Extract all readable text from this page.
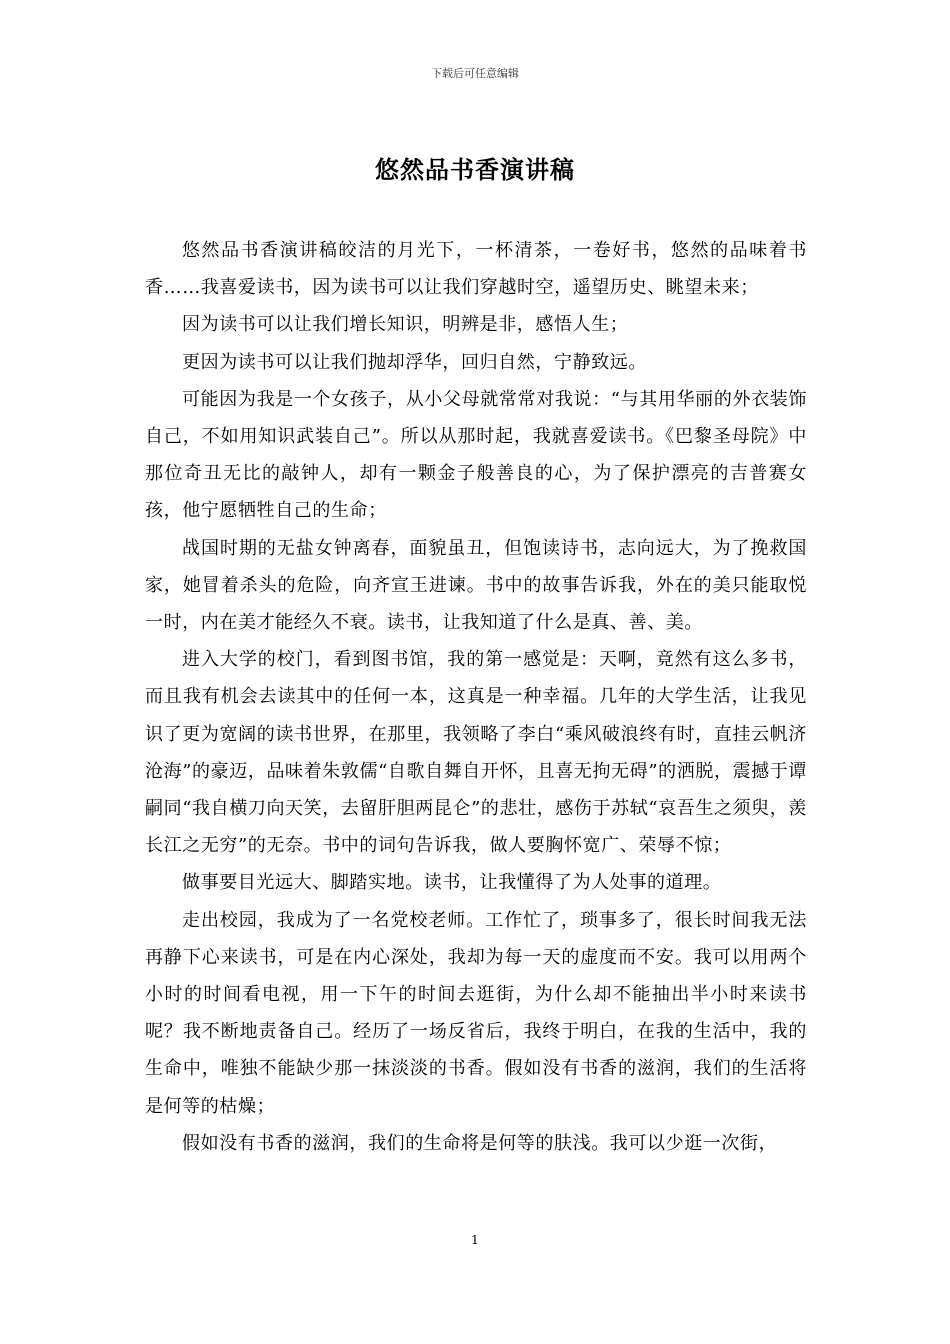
下载后可任意编辑
悠然品书香演讲稿

悠然品书香演讲稿皎洁的月光下，一杯清茶，一卷好书，悠然的品味着书香……我喜爱读书，因为读书可以让我们穿越时空，遥望历史、眺望未来；

因为读书可以让我们增长知识，明辨是非，感悟人生；

更因为读书可以让我们抛却浮华，回归自然，宁静致远。

可能因为我是一个女孩子，从小父母就常常对我说：“与其用华丽的外衣装饰自己，不如用知识武装自己”。所以从那时起，我就喜爱读书。《巴黎圣母院》中那位奇丑无比的敲钟人，却有一颗金子般善良的心，为了保护漂亮的吉普赛女孩，他宁愿牺牲自己的生命；

战国时期的无盐女钟离春，面貌虽丑，但饱读诗书，志向远大，为了挽救国家，她冒着杀头的危险，向齐宣王进谏。书中的故事告诉我，外在的美只能取悦一时，内在美才能经久不衰。读书，让我知道了什么是真、善、美。

进入大学的校门，看到图书馆，我的第一感觉是：天啊，竟然有这么多书，而且我有机会去读其中的任何一本，这真是一种幸福。几年的大学生活，让我见识了更为宽阔的读书世界，在那里，我领略了李白“乘风破浪终有时，直挂云帆济沧海”的豪迈，品味着朱敦儒“自歌自舞自开怀，且喜无拘无碍”的洒脱，震撼于谭嗣同“我自横刀向天笑，去留肝胆两昆仑”的悲壮，感伤于苏轼“哀吾生之须臾，羡长江之无穷”的无奈。书中的词句告诉我，做人要胸怀宽广、荣辱不惊；

做事要目光远大、脚踏实地。读书，让我懂得了为人处事的道理。

走出校园，我成为了一名党校老师。工作忙了，琐事多了，很长时间我无法再静下心来读书，可是在内心深处，我却为每一天的虚度而不安。我可以用两个小时的时间看电视，用一下午的时间去逛街，为什么却不能抽出半小时来读书呢？我不断地责备自己。经历了一场反省后，我终于明白，在我的生活中，我的生命中，唯独不能缺少那一抹淡淡的书香。假如没有书香的滋润，我们的生活将是何等的枯燥；

假如没有书香的滋润，我们的生命将是何等的肤浅。我可以少逛一次街，

1
